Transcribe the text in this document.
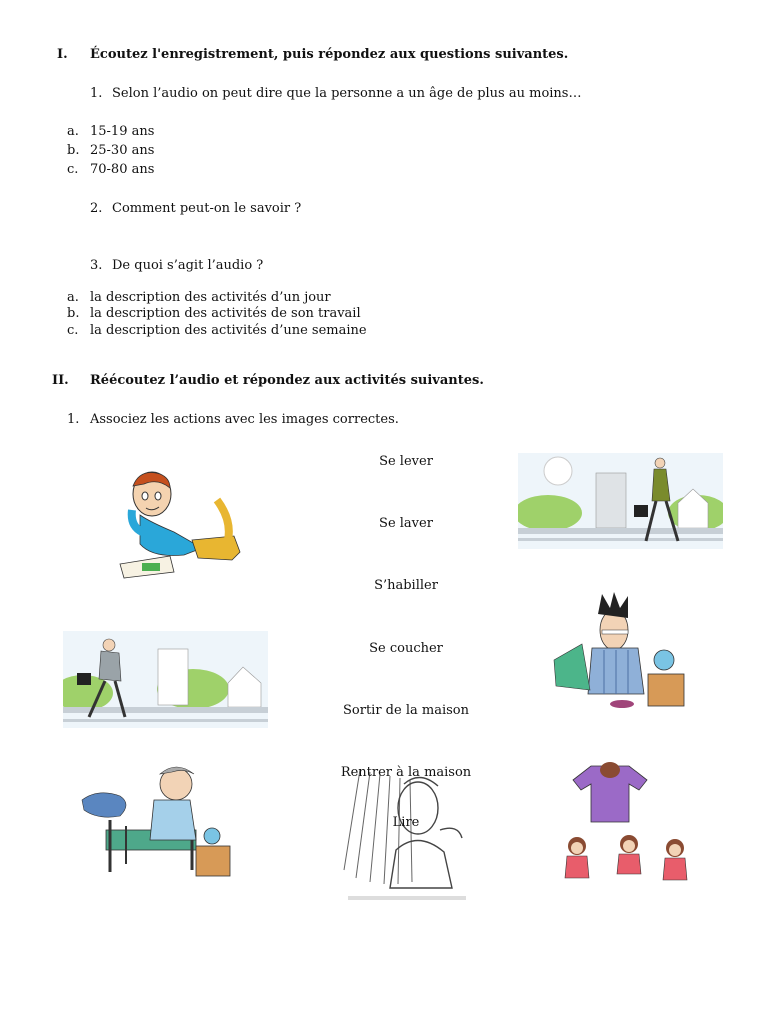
I. Écoutez l'enregistrement, puis répondez aux questions suivantes.
1. Selon l’audio on peut dire que la personne a un âge de plus au moins…
a. 15-19 ans
b. 25-30 ans
c. 70-80 ans
2. Comment peut-on le savoir ?
3. De quoi s’agit l’audio ?
a. la description des activités d’un jour
b. la description des activités de son travail
c. la description des activités d’une semaine
II. Réécoutez l’audio et répondez aux activités suivantes.
1. Associez les actions avec les images correctes.
Se lever
Se laver
S’habiller
Se coucher
Sortir de la maison
Rentrer à la maison
Lire
